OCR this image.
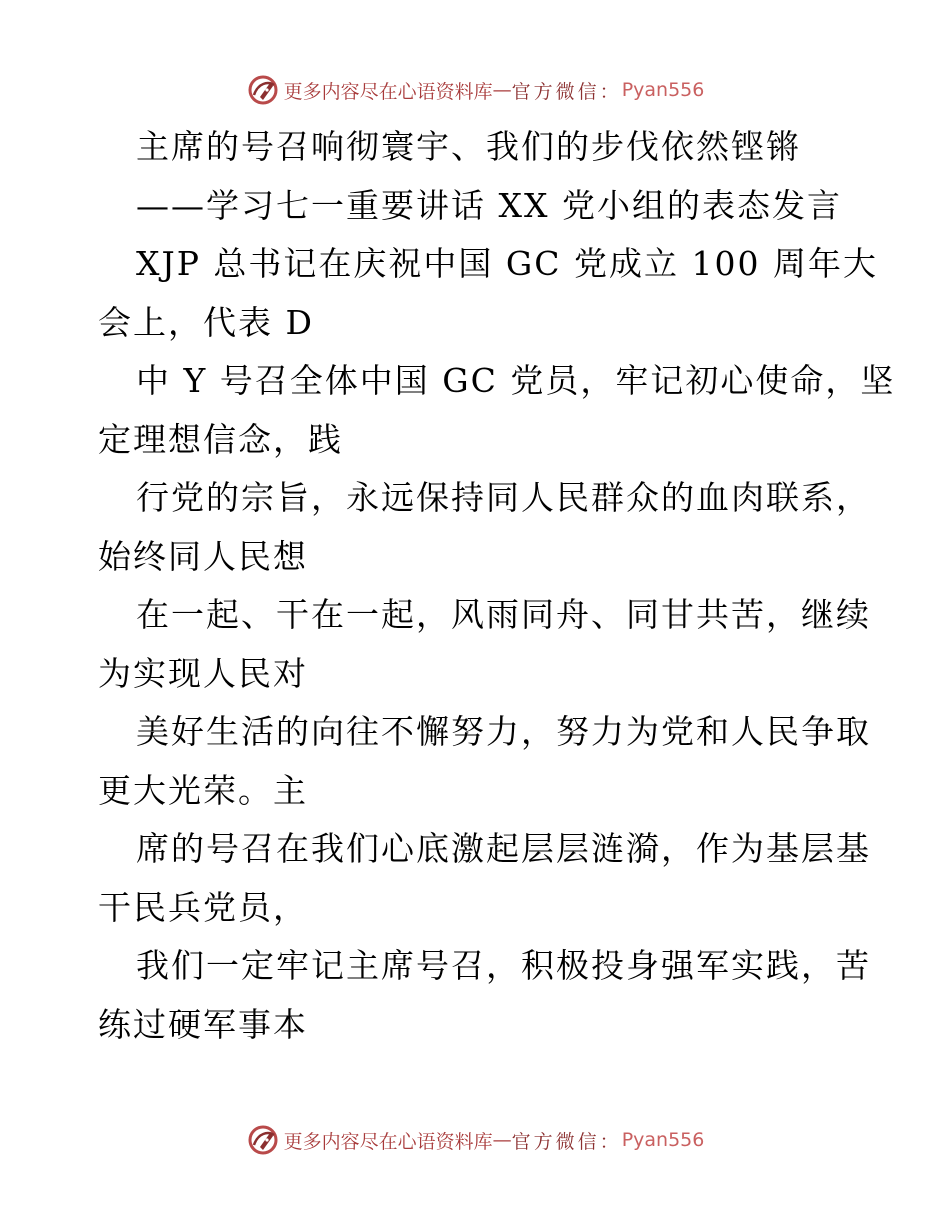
更多内容尽在心语资料库 — 官方微信： Pyan556
主席的号召响彻寰宇、我们的步伐依然铿锵
——学习七一重要讲话 XX 党小组的表态发言
XJP 总书记在庆祝中国 GC 党成立 100 周年大
会上，代表 D
中 Y 号召全体中国 GC 党员，牢记初心使命，坚
定理想信念，践
行党的宗旨，永远保持同人民群众的血肉联系，
始终同人民想
在一起、干在一起，风雨同舟、同甘共苦，继续
为实现人民对
美好生活的向往不懈努力，努力为党和人民争取
更大光荣。主
席的号召在我们心底激起层层涟漪，作为基层基
干民兵党员，
我们一定牢记主席号召，积极投身强军实践，苦
练过硬军事本
更多内容尽在心语资料库 — 官方微信： Pyan556
